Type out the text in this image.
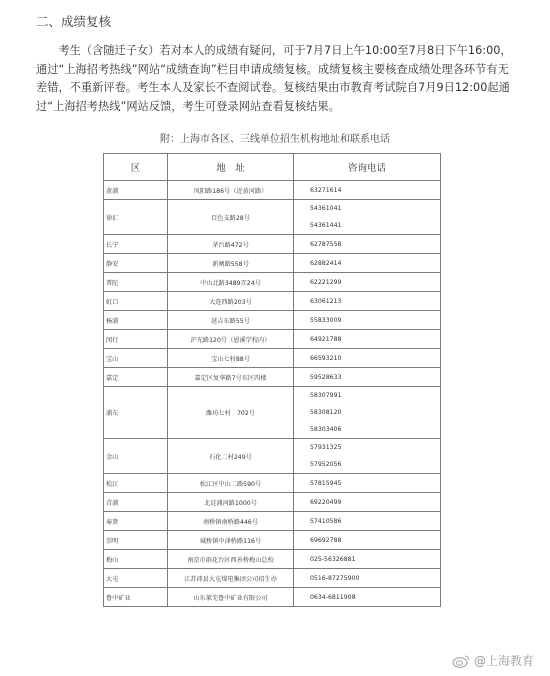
二、成绩复核
考生（含随迁子女）若对本人的成绩有疑问，可于7月7日上午10:00至7月8日下午16:00，通过“上海招考热线”网站“成绩查询”栏目申请成绩复核。成绩复核主要核查成绩处理各环节有无差错，不重新评卷。考生本人及家长不查阅试卷。复核结果由市教育考试院自7月9日12:00起通过“上海招考热线”网站反馈，考生可登录网站查看复核结果。
附：上海市各区、三线单位招生机构地址和联系电话
区	地　址	咨询电话
黄浦	凤阳路186号（近黄河路）	63271614

徐汇	百色支路28号	54361041
54361441

长宁	茅台路472号	62787558

静安	新闸路558号	62882414

普陀	中山北路3489弄24号	62221299

虹口	大连西路203号	63061213

杨浦	延吉东路55号	55833009

闵行	沪光路120号（恩溪学校内）	64921788

宝山	宝山七村88号	66593210

嘉定	嘉定区复华路7号东区四楼	59528633

浦东	潍坊七村　702号	58307991
58308120
58303406

金山	石化二村249号	57931325
57952056

松江	松江区中山二路590号	57815945

青浦	北淀浦河路1000号	69220499

奉贤	南桥镇南桥路446号	57410586

崇明	城桥镇中津桥路116号	69692788

梅山	南京市雨花台区西善桥梅山总校	025-56326881

大屯	江苏沛县大屯煤电集团公司招生办	0516-87275900

鲁中矿业	山东莱芜鲁中矿业有限公司	0634-6811908
@上海教育
